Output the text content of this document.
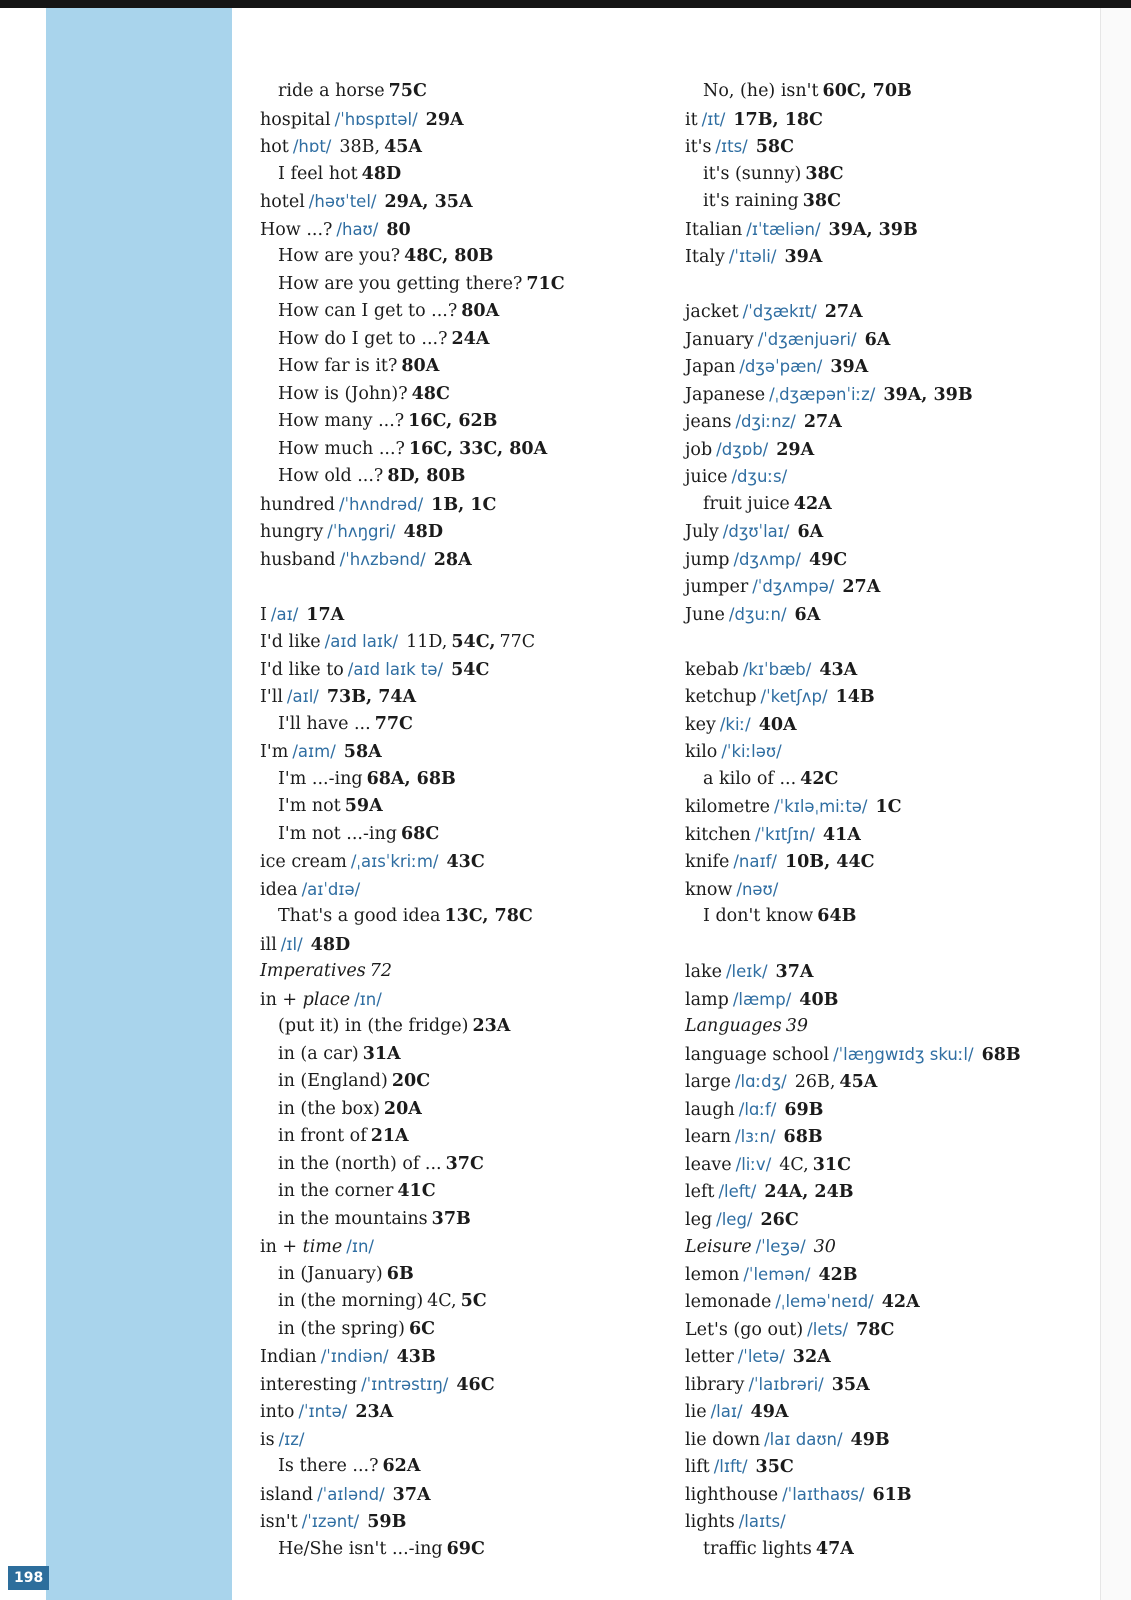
198
ride a horse 75C
hospital /ˈhɒspɪtəl/ 29A
hot /hɒt/ 38B, 45A
I feel hot 48D
hotel /həʊˈtel/ 29A, 35A
How ...? /haʊ/ 80
How are you? 48C, 80B
How are you getting there? 71C
How can I get to ...? 80A
How do I get to ...? 24A
How far is it? 80A
How is (John)? 48C
How many ...? 16C, 62B
How much ...? 16C, 33C, 80A
How old ...? 8D, 80B
hundred /ˈhʌndrəd/ 1B, 1C
hungry /ˈhʌŋgri/ 48D
husband /ˈhʌzbənd/ 28A
I /aɪ/ 17A
I'd like /aɪd laɪk/ 11D, 54C, 77C
I'd like to /aɪd laɪk tə/ 54C
I'll /aɪl/ 73B, 74A
I'll have ... 77C
I'm /aɪm/ 58A
I'm ...-ing 68A, 68B
I'm not 59A
I'm not ...-ing 68C
ice cream /ˌaɪsˈkriːm/ 43C
idea /aɪˈdɪə/
That's a good idea 13C, 78C
ill /ɪl/ 48D
Imperatives 72
in + place /ɪn/
(put it) in (the fridge) 23A
in (a car) 31A
in (England) 20C
in (the box) 20A
in front of 21A
in the (north) of ... 37C
in the corner 41C
in the mountains 37B
in + time /ɪn/
in (January) 6B
in (the morning) 4C, 5C
in (the spring) 6C
Indian /ˈɪndiən/ 43B
interesting /ˈɪntrəstɪŋ/ 46C
into /ˈɪntə/ 23A
is /ɪz/
Is there ...? 62A
island /ˈaɪlənd/ 37A
isn't /ˈɪzənt/ 59B
He/She isn't ...-ing 69C
No, (he) isn't 60C, 70B
it /ɪt/ 17B, 18C
it's /ɪts/ 58C
it's (sunny) 38C
it's raining 38C
Italian /ɪˈtæliən/ 39A, 39B
Italy /ˈɪtəli/ 39A
jacket /ˈdʒækɪt/ 27A
January /ˈdʒænjuəri/ 6A
Japan /dʒəˈpæn/ 39A
Japanese /ˌdʒæpənˈiːz/ 39A, 39B
jeans /dʒiːnz/ 27A
job /dʒɒb/ 29A
juice /dʒuːs/
fruit juice 42A
July /dʒʊˈlaɪ/ 6A
jump /dʒʌmp/ 49C
jumper /ˈdʒʌmpə/ 27A
June /dʒuːn/ 6A
kebab /kɪˈbæb/ 43A
ketchup /ˈketʃʌp/ 14B
key /kiː/ 40A
kilo /ˈkiːləʊ/
a kilo of ... 42C
kilometre /ˈkɪləˌmiːtə/ 1C
kitchen /ˈkɪtʃɪn/ 41A
knife /naɪf/ 10B, 44C
know /nəʊ/
I don't know 64B
lake /leɪk/ 37A
lamp /læmp/ 40B
Languages 39
language school /ˈlæŋgwɪdʒ skuːl/ 68B
large /lɑːdʒ/ 26B, 45A
laugh /lɑːf/ 69B
learn /lɜːn/ 68B
leave /liːv/ 4C, 31C
left /left/ 24A, 24B
leg /leg/ 26C
Leisure /ˈleʒə/ 30
lemon /ˈlemən/ 42B
lemonade /ˌleməˈneɪd/ 42A
Let's (go out) /lets/ 78C
letter /ˈletə/ 32A
library /ˈlaɪbrəri/ 35A
lie /laɪ/ 49A
lie down /laɪ daʊn/ 49B
lift /lɪft/ 35C
lighthouse /ˈlaɪthaʊs/ 61B
lights /laɪts/
traffic lights 47A
